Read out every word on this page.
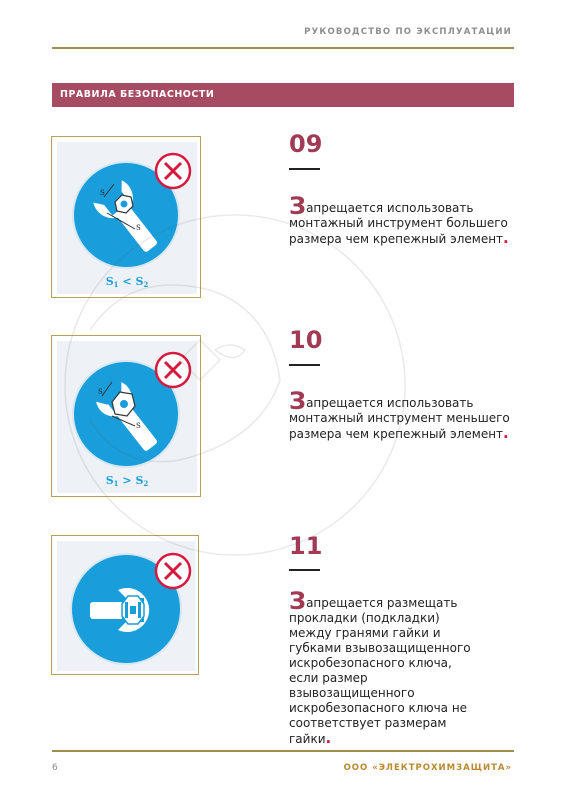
РУКОВОДСТВО ПО ЭКСПЛУАТАЦИИ
ПРАВИЛА БЕЗОПАСНОСТИ
S
S
S1 < S2
09
Запрещается использовать монтажный инструмент большего размера чем крепежный элемент.
S
S
S1 > S2
10
Запрещается использовать монтажный инструмент меньшего размера чем крепежный элемент.
11
Запрещается размещать прокладки (подкладки) между гранями гайки и губками взывозащищенного искробезопасного ключа, если размер взывозащищенного искробезопасного ключа не соответствует размерам гайки.
6	ООО «ЭЛЕКТРОХИМЗАЩИТА»
